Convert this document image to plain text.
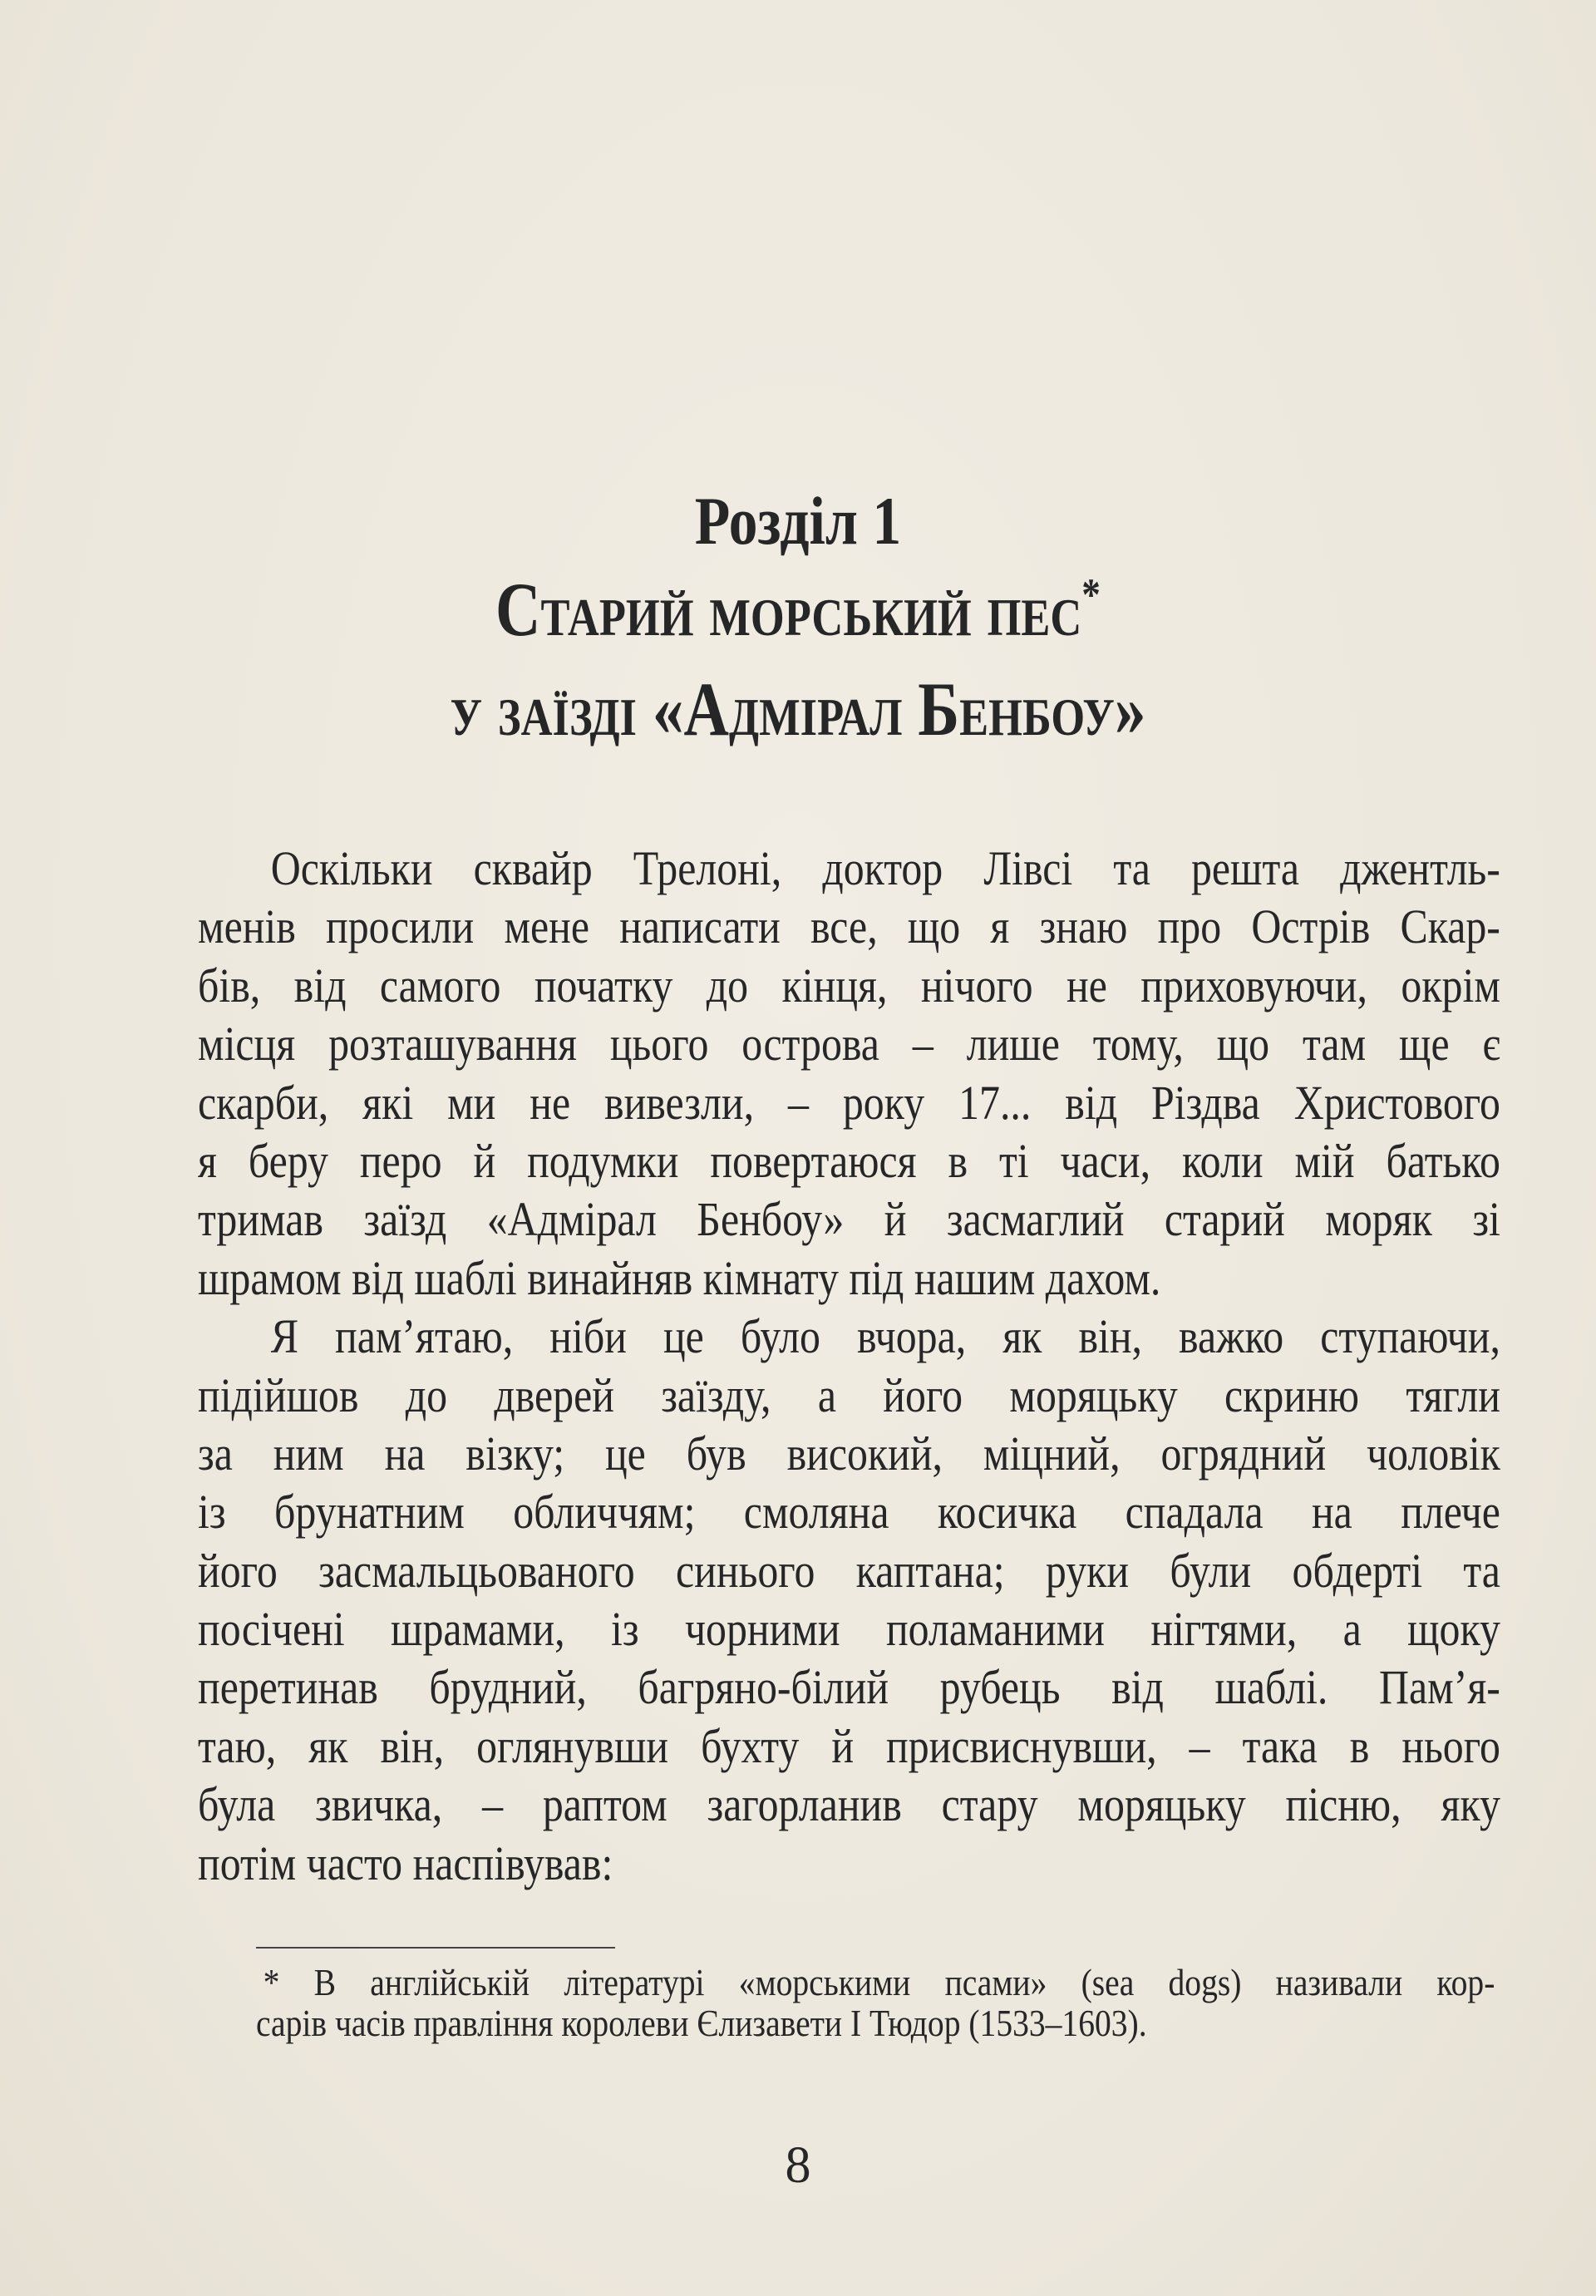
Розділ 1
Старий морський пес*
у заїзді «Адмірал Бенбоу»
Оскільки сквайр Трелоні, доктор Лівсі та решта джентль-
менів просили мене написати все, що я знаю про Острів Скар-
бів, від самого початку до кінця, нічого не приховуючи, окрім
місця розташування цього острова – лише тому, що там ще є
скарби, які ми не вивезли, – року 17... від Різдва Христового
я беру перо й подумки повертаюся в ті часи, коли мій батько
тримав заїзд «Адмірал Бенбоу» й засмаглий старий моряк зі
шрамом від шаблі винайняв кімнату під нашим дахом.
Я пам’ятаю, ніби це було вчора, як він, важко ступаючи,
підійшов до дверей заїзду, а його моряцьку скриню тягли
за ним на візку; це був високий, міцний, огрядний чоловік
із брунатним обличчям; смоляна косичка спадала на плече
його засмальцьованого синього каптана; руки були обдерті та
посічені шрамами, із чорними поламаними нігтями, а щоку
перетинав брудний, багряно-білий рубець від шаблі. Пам’я-
таю, як він, оглянувши бухту й присвиснувши, – така в нього
була звичка, – раптом загорланив стару моряцьку пісню, яку
потім часто наспівував:
* В англійській літературі «морськими псами» (sea dogs) називали кор-
сарів часів правління королеви Єлизавети І Тюдор (1533–1603).
8
